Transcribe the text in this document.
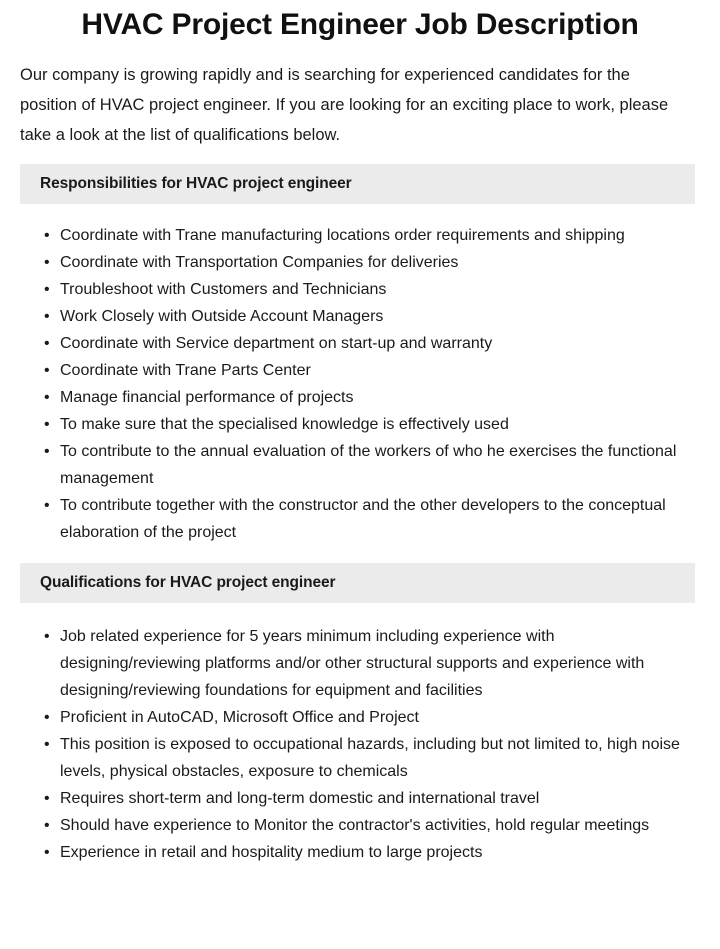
HVAC Project Engineer Job Description

Our company is growing rapidly and is searching for experienced candidates for the position of HVAC project engineer. If you are looking for an exciting place to work, please take a look at the list of qualifications below.

Responsibilities for HVAC project engineer
• Coordinate with Trane manufacturing locations order requirements and shipping
• Coordinate with Transportation Companies for deliveries
• Troubleshoot with Customers and Technicians
• Work Closely with Outside Account Managers
• Coordinate with Service department on start-up and warranty
• Coordinate with Trane Parts Center
• Manage financial performance of projects
• To make sure that the specialised knowledge is effectively used
• To contribute to the annual evaluation of the workers of who he exercises the functional management
• To contribute together with the constructor and the other developers to the conceptual elaboration of the project
Qualifications for HVAC project engineer
• Job related experience for 5 years minimum including experience with designing/reviewing platforms and/or other structural supports and experience with designing/reviewing foundations for equipment and facilities
• Proficient in AutoCAD, Microsoft Office and Project
• This position is exposed to occupational hazards, including but not limited to, high noise levels, physical obstacles, exposure to chemicals
• Requires short-term and long-term domestic and international travel
• Should have experience to Monitor the contractor's activities, hold regular meetings
• Experience in retail and hospitality medium to large projects
